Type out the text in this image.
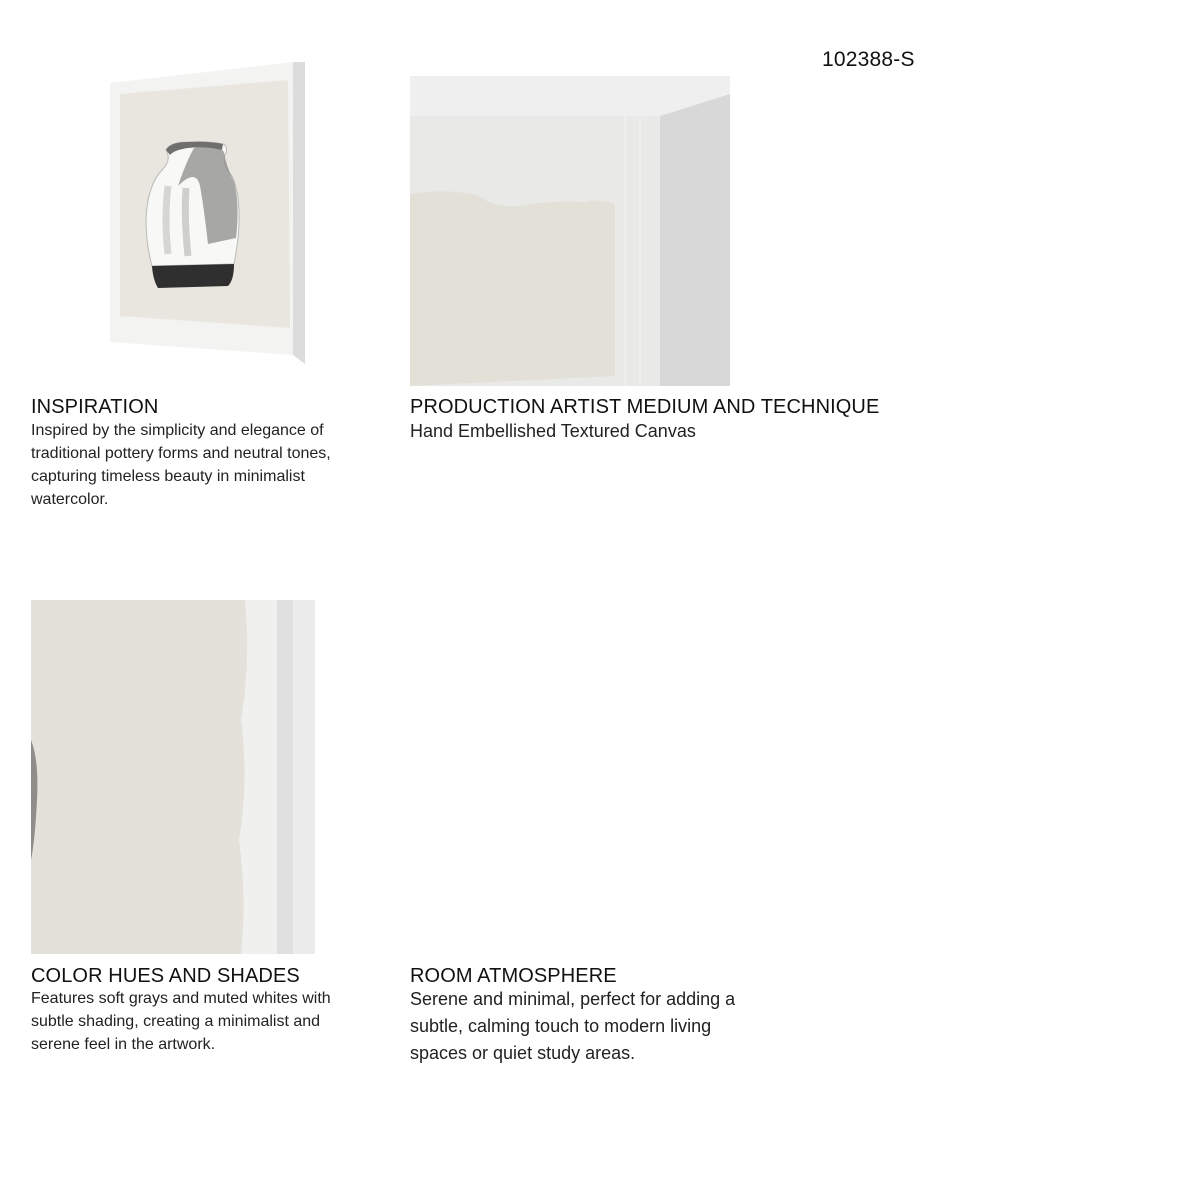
102388-S
INSPIRATION
Inspired by the simplicity and elegance of traditional pottery forms and neutral tones, capturing timeless beauty in minimalist watercolor.
PRODUCTION ARTIST MEDIUM AND TECHNIQUE
Hand Embellished Textured Canvas
COLOR HUES AND SHADES
Features soft grays and muted whites with subtle shading, creating a minimalist and serene feel in the artwork.
ROOM ATMOSPHERE
Serene and minimal, perfect for adding a subtle, calming touch to modern living spaces or quiet study areas.
